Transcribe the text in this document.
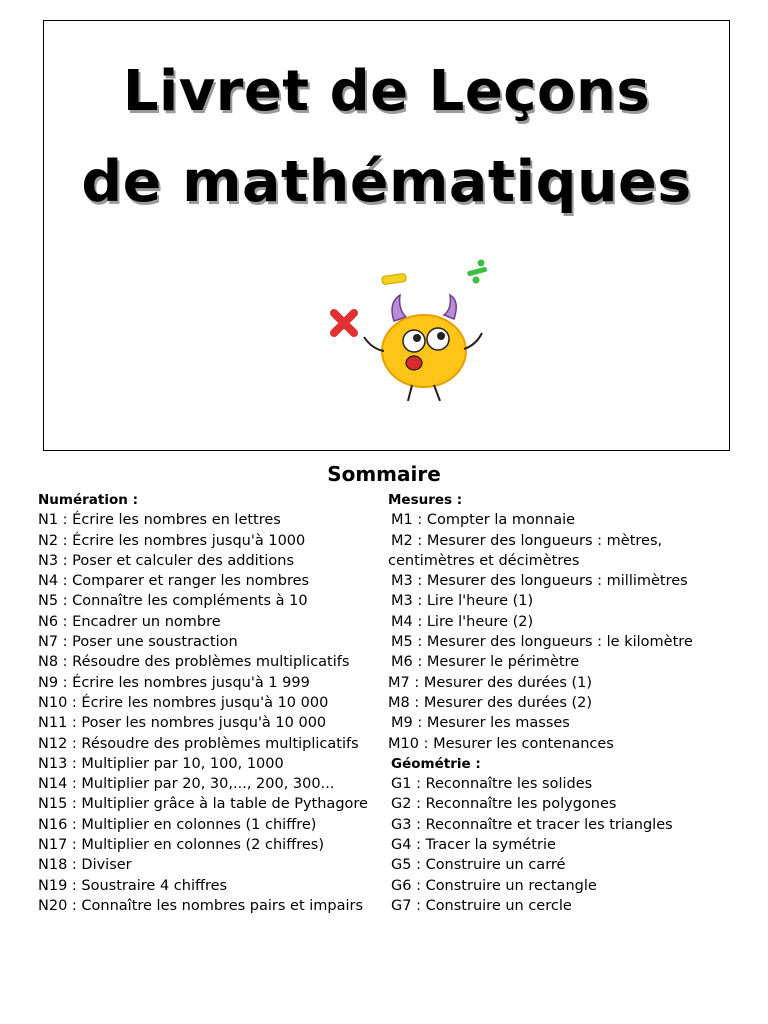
Livret de Leçons
de mathématiques
Sommaire
Numération :
N1 : Écrire les nombres en lettres
N2 : Écrire les nombres jusqu'à 1000
N3 : Poser et calculer des additions
N4 : Comparer et ranger les nombres
N5 : Connaître les compléments à 10
N6 : Encadrer un nombre
N7 : Poser une soustraction
N8 : Résoudre des problèmes multiplicatifs
N9 : Écrire les nombres jusqu'à 1 999
N10 : Écrire les nombres jusqu'à 10 000
N11 : Poser les nombres jusqu'à 10 000
N12 : Résoudre des problèmes multiplicatifs
N13 : Multiplier par 10, 100, 1000
N14 : Multiplier par 20, 30,..., 200, 300...
N15 : Multiplier grâce à la table de Pythagore
N16 : Multiplier en colonnes (1 chiffre)
N17 : Multiplier en colonnes (2 chiffres)
N18 : Diviser
N19 : Soustraire 4 chiffres
N20 : Connaître les nombres pairs et impairs
Mesures :
M1 : Compter la monnaie
M2 : Mesurer des longueurs : mètres,
centimètres et décimètres
M3 : Mesurer des longueurs : millimètres
M3 : Lire l'heure (1)
M4 : Lire l'heure (2)
M5 : Mesurer des longueurs : le kilomètre
M6 : Mesurer le périmètre
M7 : Mesurer des durées (1)
M8 : Mesurer des durées (2)
M9 : Mesurer les masses
M10 : Mesurer les contenances
Géométrie :
G1 : Reconnaître les solides
G2 : Reconnaître les polygones
G3 : Reconnaître et tracer les triangles
G4 : Tracer la symétrie
G5 : Construire un carré
G6 : Construire un rectangle
G7 : Construire un cercle
